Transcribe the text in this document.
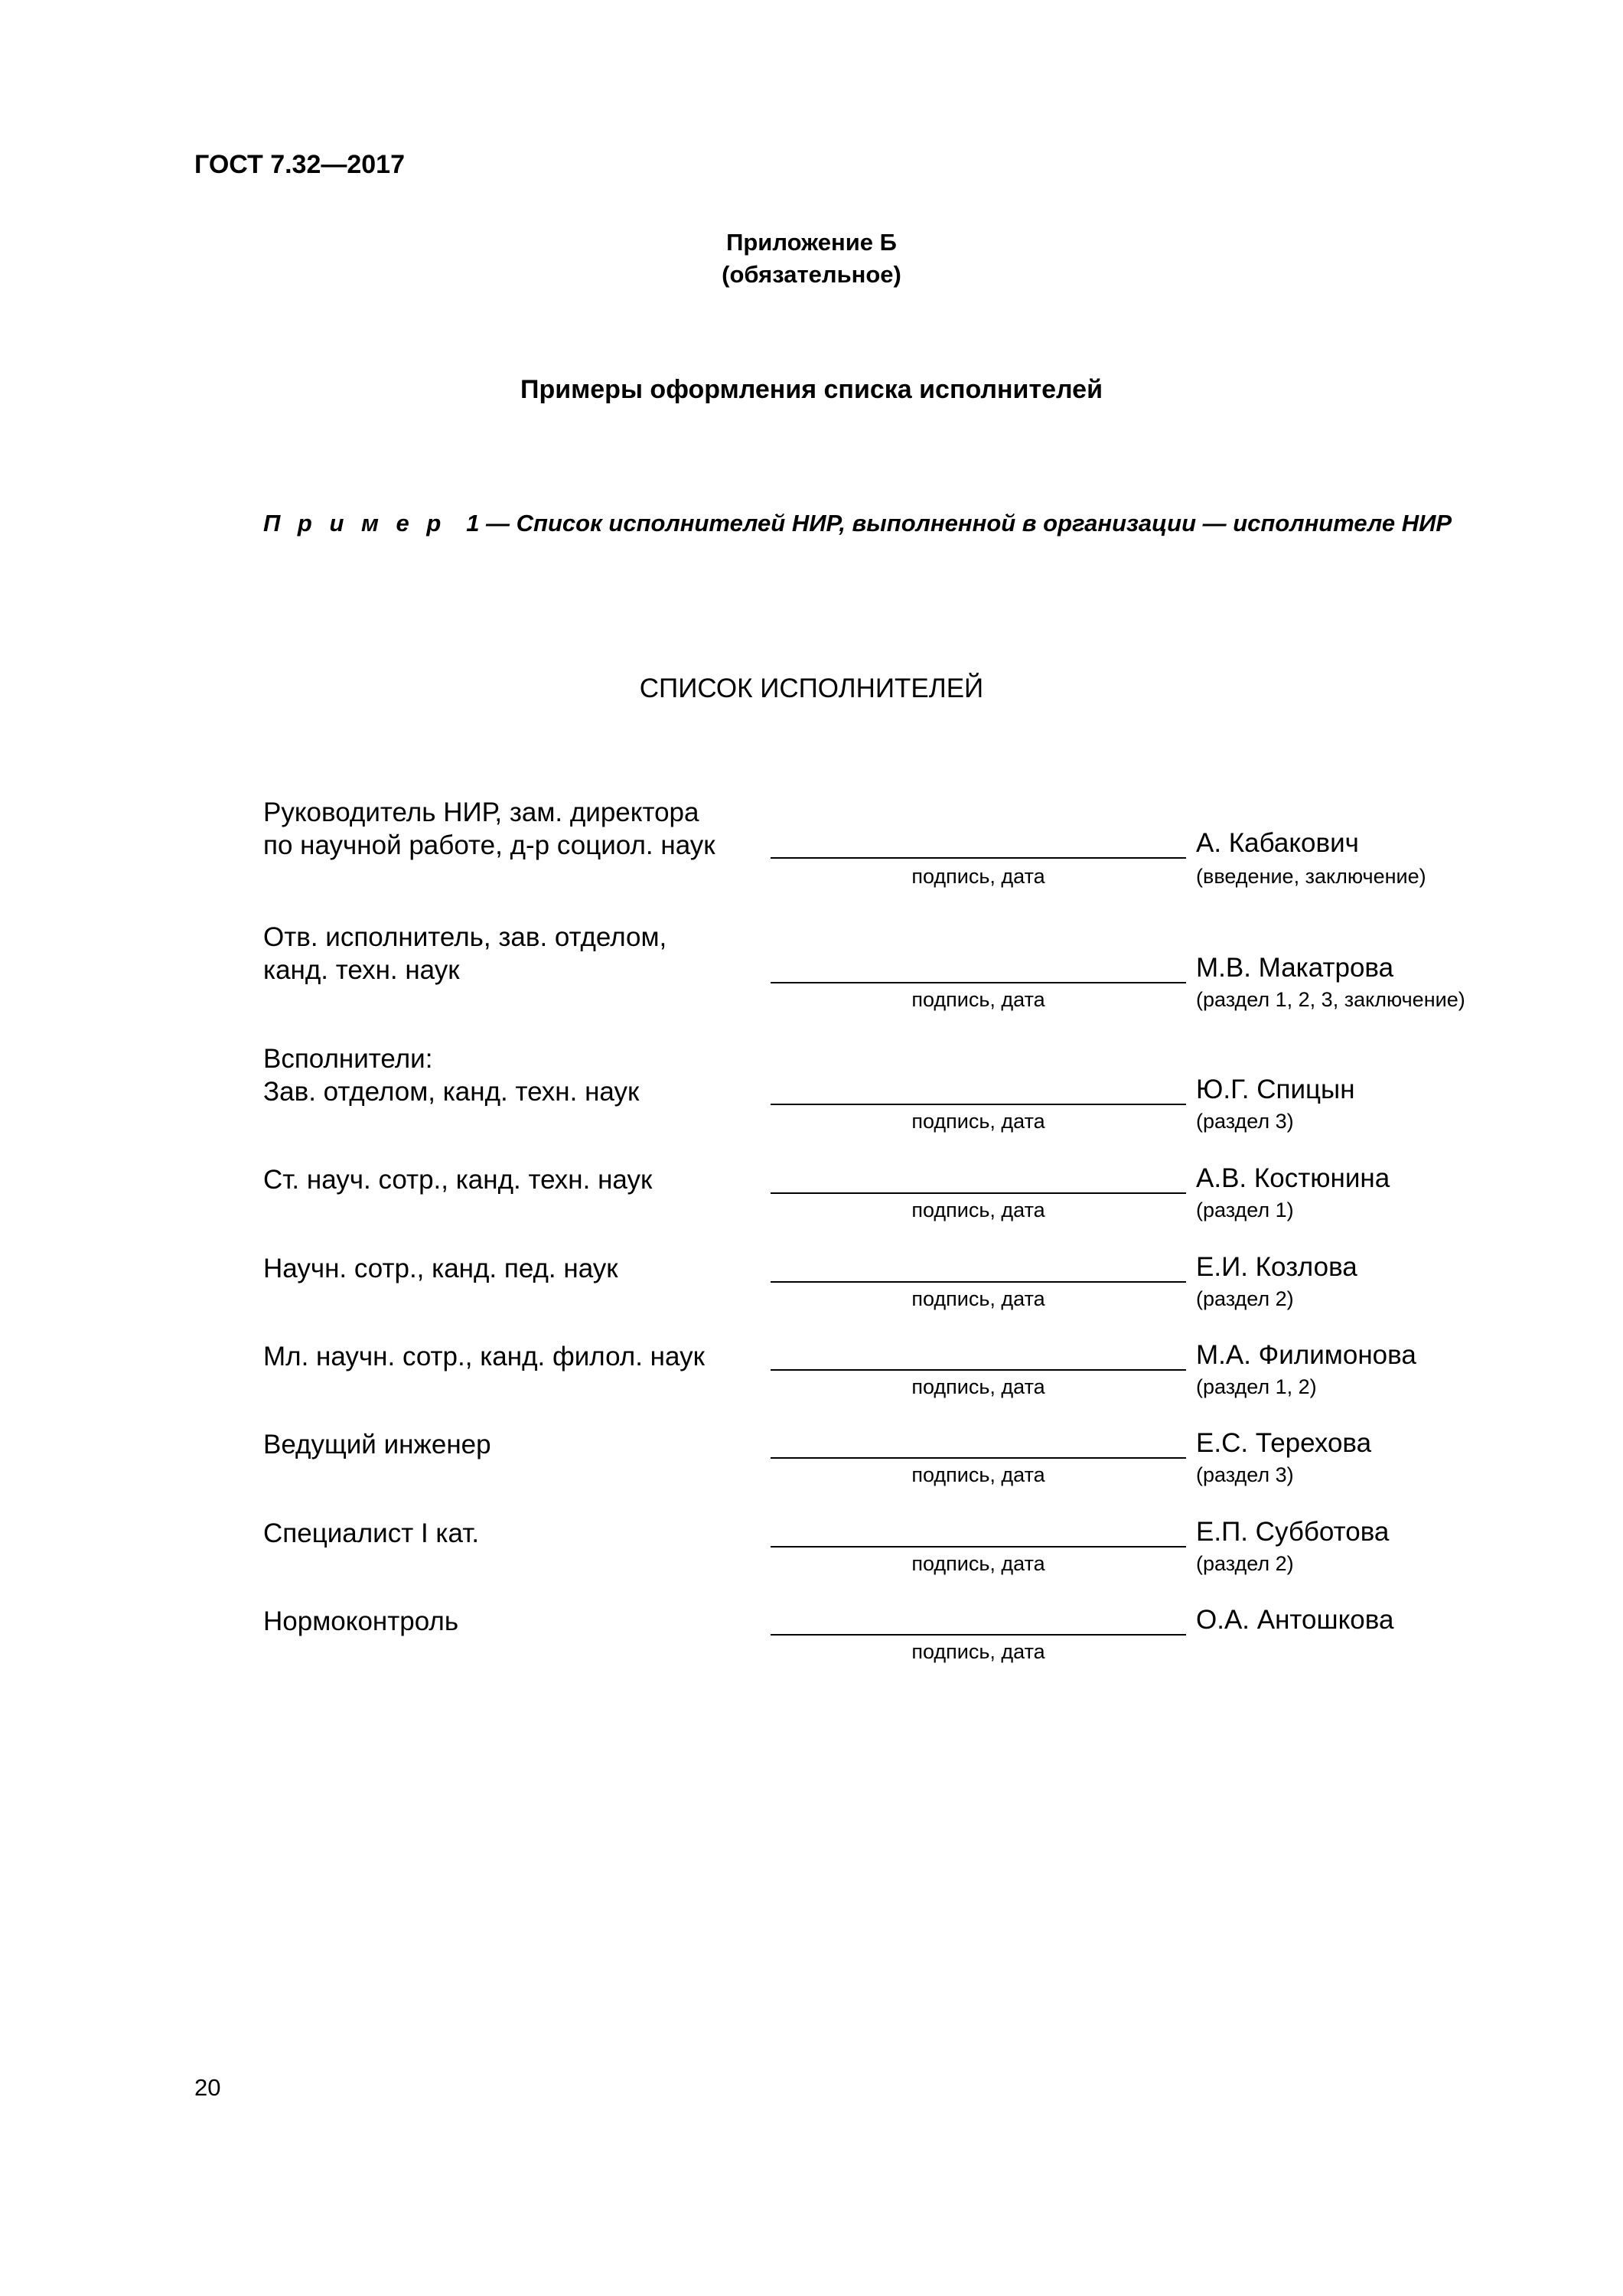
ГОСТ 7.32—2017
Приложение Б
(обязательное)
Примеры оформления списка исполнителей
П р и м е р 1 — Список исполнителей НИР, выполненной в организации — исполнителе НИР
СПИСОК ИСПОЛНИТЕЛЕЙ
Руководитель НИР, зам. директора
по научной работе, д-р социол. наук	А. Кабакович
подпись, дата	(введение, заключение)
Отв. исполнитель, зав. отделом,
канд. техн. наук	М.В. Макатрова
подпись, дата	(раздел 1, 2, 3, заключение)
Всполнители:
Зав. отделом, канд. техн. наук	Ю.Г. Спицын
подпись, дата	(раздел 3)
Ст. науч. сотр., канд. техн. наук	А.В. Костюнина
подпись, дата	(раздел 1)
Научн. сотр., канд. пед. наук	Е.И. Козлова
подпись, дата	(раздел 2)
Мл. научн. сотр., канд. филол. наук	М.А. Филимонова
подпись, дата	(раздел 1, 2)
Ведущий инженер	Е.С. Терехова
подпись, дата	(раздел 3)
Специалист I кат.	Е.П. Субботова
подпись, дата	(раздел 2)
Нормоконтроль	О.А. Антошкова
подпись, дата
20
